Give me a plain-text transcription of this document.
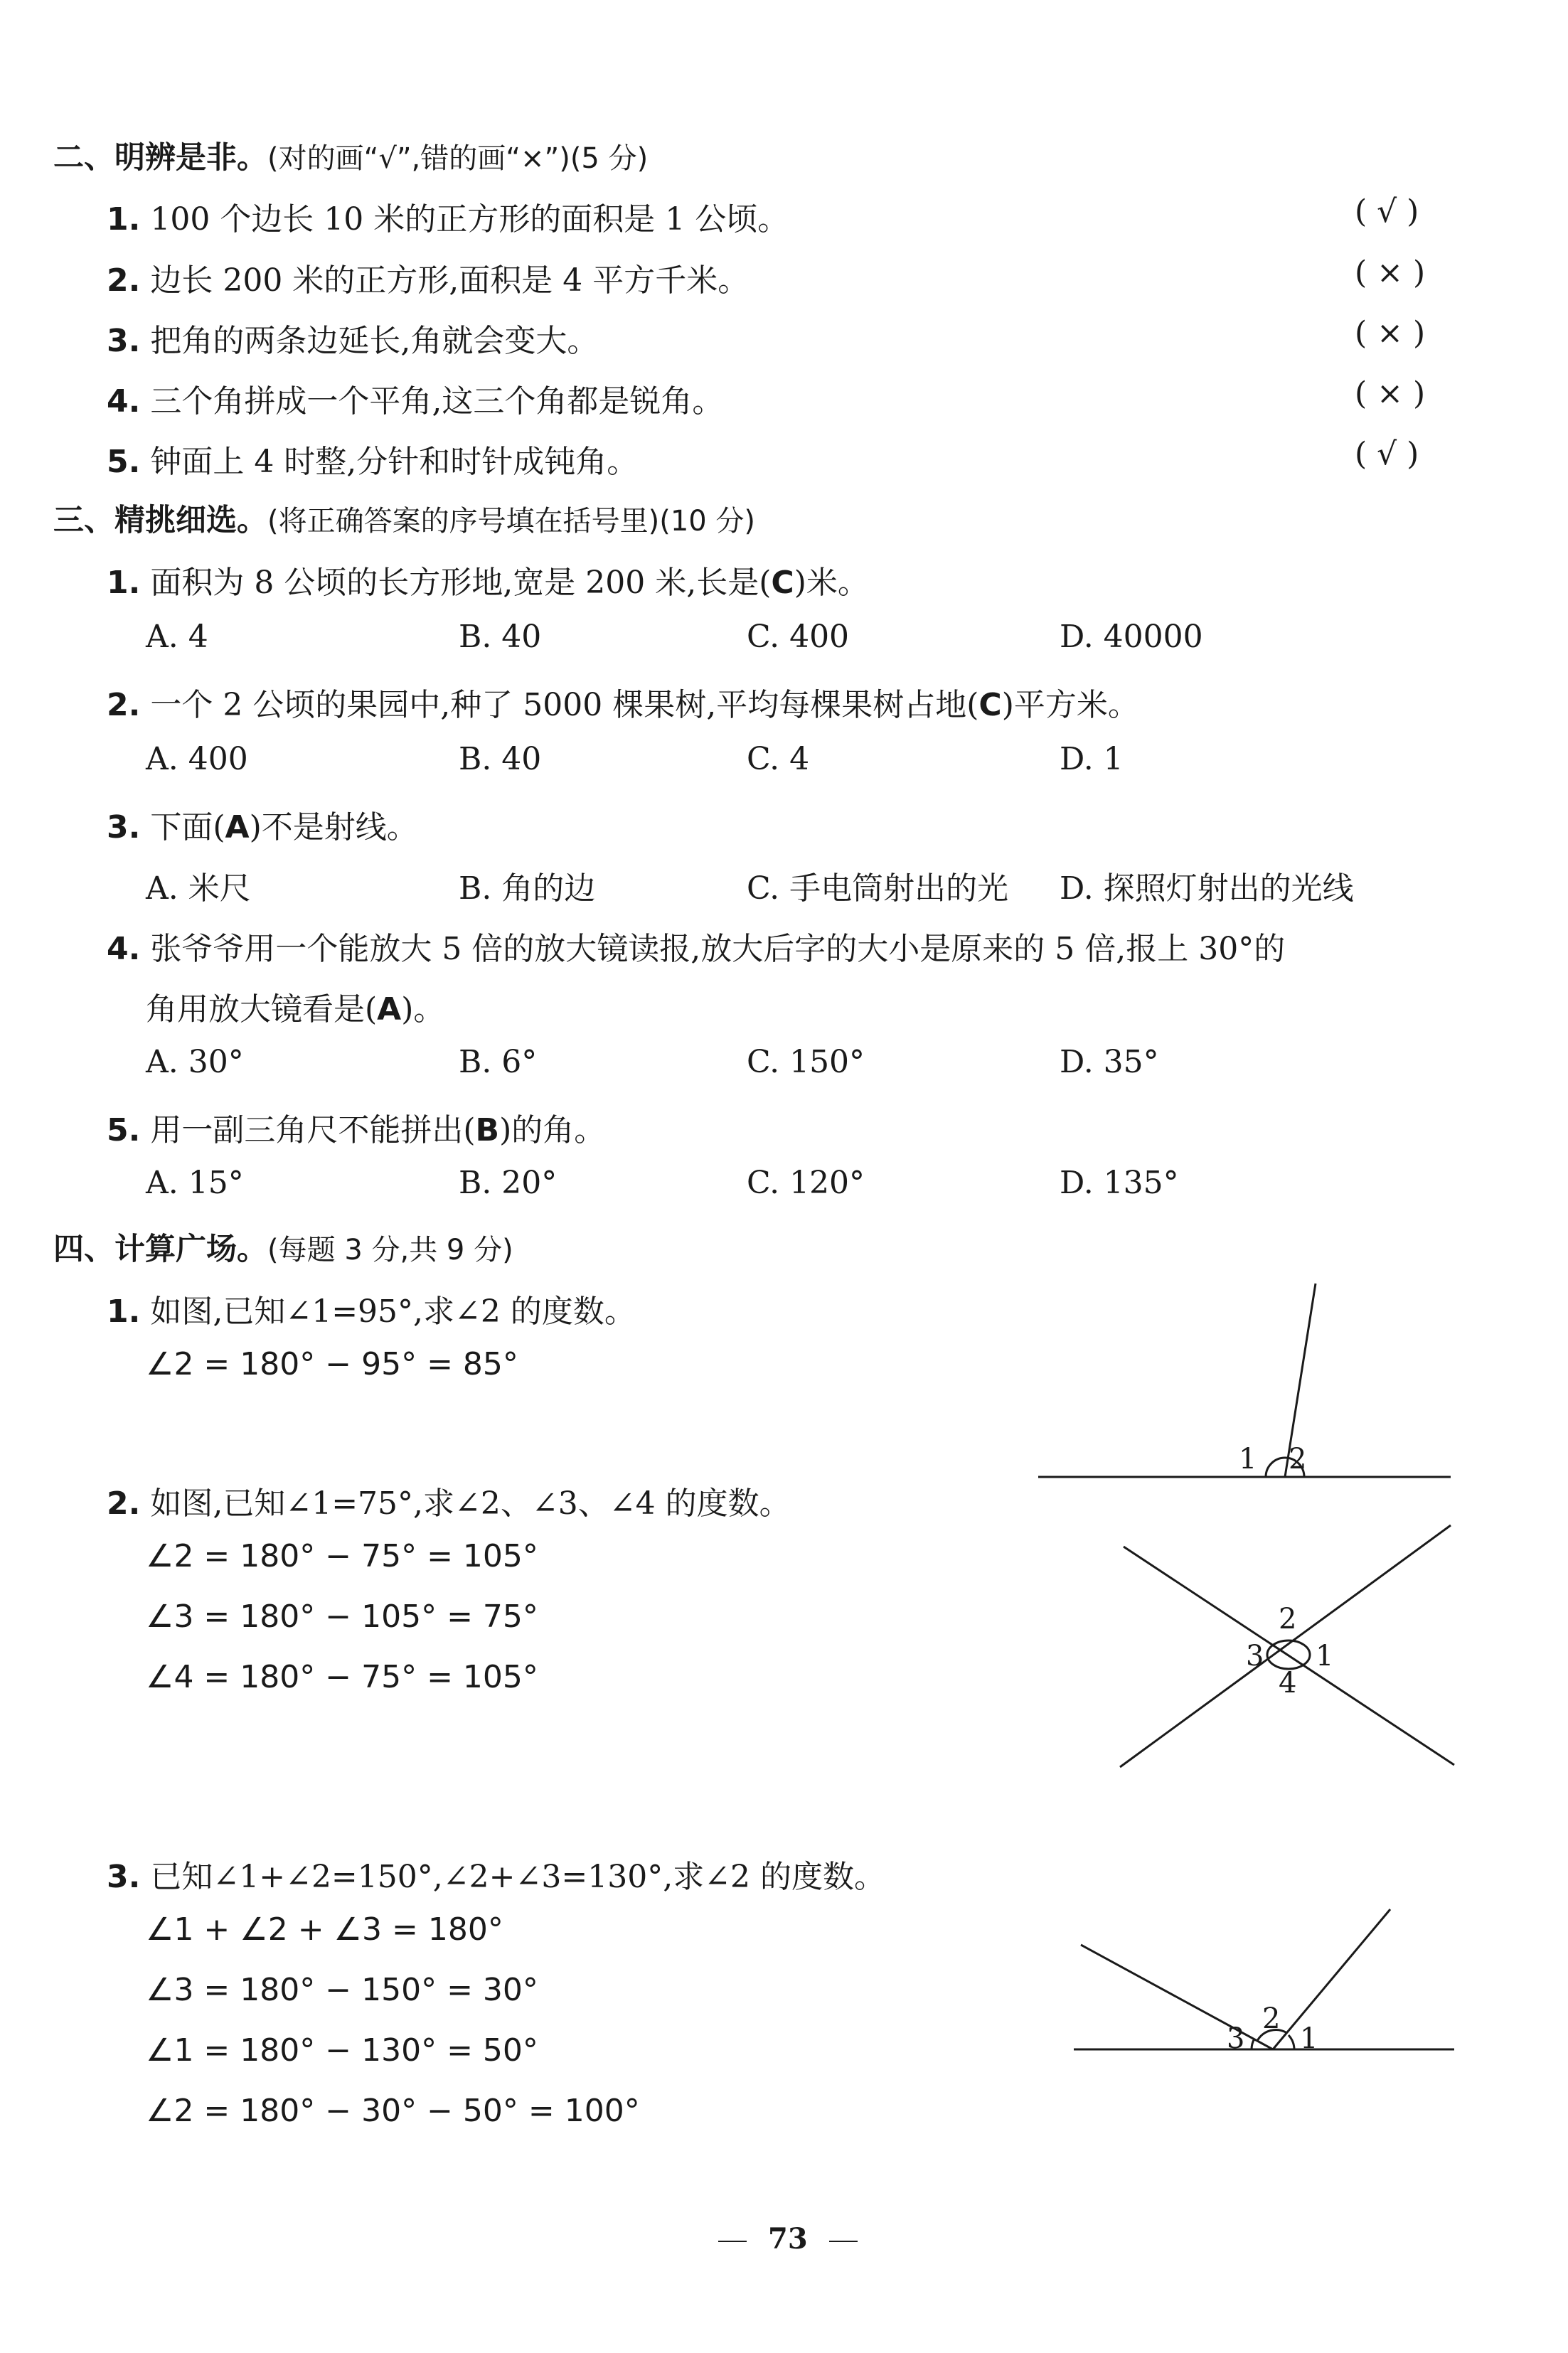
二、明辨是非。(对的画“√”,错的画“×”)(5 分)
1. 100 个边长 10 米的正方形的面积是 1 公顷。	( √ )
2. 边长 200 米的正方形,面积是 4 平方千米。	( × )
3. 把角的两条边延长,角就会变大。	( × )
4. 三个角拼成一个平角,这三个角都是锐角。	( × )
5. 钟面上 4 时整,分针和时针成钝角。	( √ )
三、精挑细选。(将正确答案的序号填在括号里)(10 分)
1. 面积为 8 公顷的长方形地,宽是 200 米,长是(C)米。
A. 4	B. 40	C. 400	D. 40000
2. 一个 2 公顷的果园中,种了 5000 棵果树,平均每棵果树占地(C)平方米。
A. 400	B. 40	C. 4	D. 1
3. 下面(A)不是射线。
A. 米尺	B. 角的边	C. 手电筒射出的光 D. 探照灯射出的光线
4. 张爷爷用一个能放大 5 倍的放大镜读报,放大后字的大小是原来的 5 倍,报上 30°的
角用放大镜看是(A)。
A. 30°	B. 6°	C. 150°	D. 35°
5. 用一副三角尺不能拼出(B)的角。
A. 15°	B. 20°	C. 120°	D. 135°
四、计算广场。(每题 3 分,共 9 分)
1. 如图,已知∠1=95°,求∠2 的度数。
∠2 = 180° − 95° = 85°
1 2
2. 如图,已知∠1=75°,求∠2、∠3、∠4 的度数。
∠2 = 180° − 75° = 105°
∠3 = 180° − 105° = 75°
∠4 = 180° − 75° = 105°
2
3 1
4
3. 已知∠1+∠2=150°,∠2+∠3=130°,求∠2 的度数。
∠1 + ∠2 + ∠3 = 180°
∠3 = 180° − 150° = 30°
∠1 = 180° − 130° = 50°
∠2 = 180° − 30° − 50° = 100°
2
3 1
73
